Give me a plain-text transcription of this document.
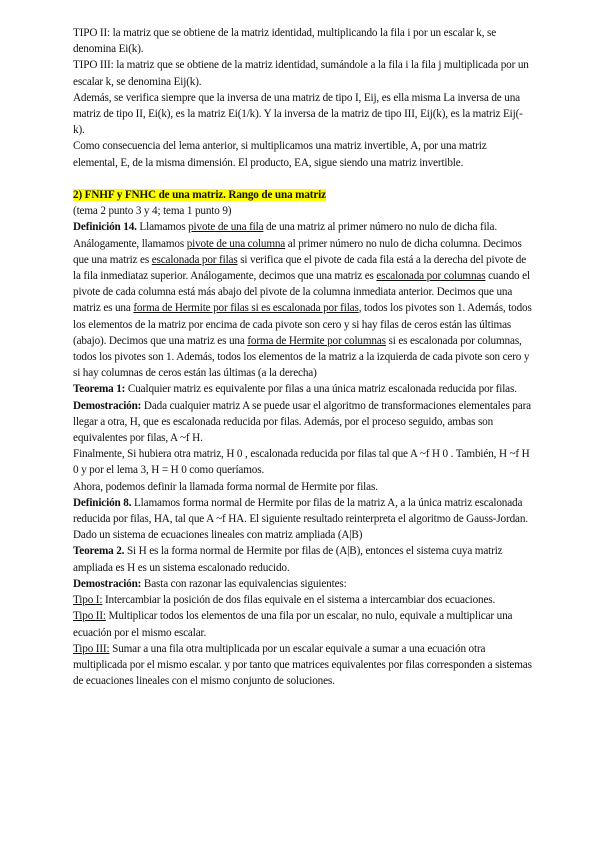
TIPO II: la matriz que se obtiene de la matriz identidad, multiplicando la fila i por un escalar k, se denomina Ei(k).

TIPO III: la matriz que se obtiene de la matriz identidad, sumándole a la fila i la fila j multiplicada por un escalar k, se denomina Eij(k).

Además, se verifica siempre que la inversa de una matriz de tipo I, Eij, es ella misma La inversa de una matriz de tipo II, Ei(k), es la matriz Ei(1/k). Y la inversa de la matriz de tipo III, Eij(k), es la matriz Eij(-k).

Como consecuencia del lema anterior, si multiplicamos una matriz invertible, A, por una matriz elemental, E, de la misma dimensión. El producto, EA, sigue siendo una matriz invertible.

2) FNHF y FNHC de una matriz. Rango de una matriz

(tema 2 punto 3 y 4; tema 1 punto 9)

Definición 14. Llamamos pivote de una fila de una matriz al primer número no nulo de dicha fila. Análogamente, llamamos pivote de una columna al primer número no nulo de dicha columna. Decimos que una matriz es escalonada por filas si verifica que el pivote de cada fila está a la derecha del pivote de la fila inmediataz superior. Análogamente, decimos que una matriz es escalonada por columnas cuando el pivote de cada columna está más abajo del pivote de la columna inmediata anterior. Decimos que una matriz es una forma de Hermite por filas si es escalonada por filas, todos los pivotes son 1. Además, todos los elementos de la matriz por encima de cada pivote son cero y si hay filas de ceros están las últimas (abajo). Decimos que una matriz es una forma de Hermite por columnas si es escalonada por columnas, todos los pivotes son 1. Además, todos los elementos de la matriz a la izquierda de cada pivote son cero y si hay columnas de ceros están las últimas (a la derecha)

Teorema 1: Cualquier matriz es equivalente por filas a una única matriz escalonada reducida por filas.

Demostración: Dada cualquier matriz A se puede usar el algoritmo de transformaciones elementales para llegar a otra, H, que es escalonada reducida por filas. Además, por el proceso seguido, ambas son equivalentes por filas, A ~f H.

Finalmente, Si hubiera otra matriz, H 0 , escalonada reducida por filas tal que A ~f H 0 . También, H ~f H 0 y por el lema 3, H = H 0 como queríamos.

Ahora, podemos definir la llamada forma normal de Hermite por filas.

Definición 8. Llamamos forma normal de Hermite por filas de la matriz A, a la única matriz escalonada reducida por filas, HA, tal que A ~f HA. El siguiente resultado reinterpreta el algoritmo de Gauss-Jordan. Dado un sistema de ecuaciones lineales con matriz ampliada (A|B)

Teorema 2. Si H es la forma normal de Hermite por filas de (A|B), entonces el sistema cuya matriz ampliada es H es un sistema escalonado reducido.

Demostración: Basta con razonar las equivalencias siguientes:

Tipo I: Intercambiar la posición de dos filas equivale en el sistema a intercambiar dos ecuaciones.

Tipo II: Multiplicar todos los elementos de una fila por un escalar, no nulo, equivale a multiplicar una ecuación por el mismo escalar.

Tipo III: Sumar a una fila otra multiplicada por un escalar equivale a sumar a una ecuación otra multiplicada por el mismo escalar. y por tanto que matrices equivalentes por filas corresponden a sistemas de ecuaciones lineales con el mismo conjunto de soluciones.
